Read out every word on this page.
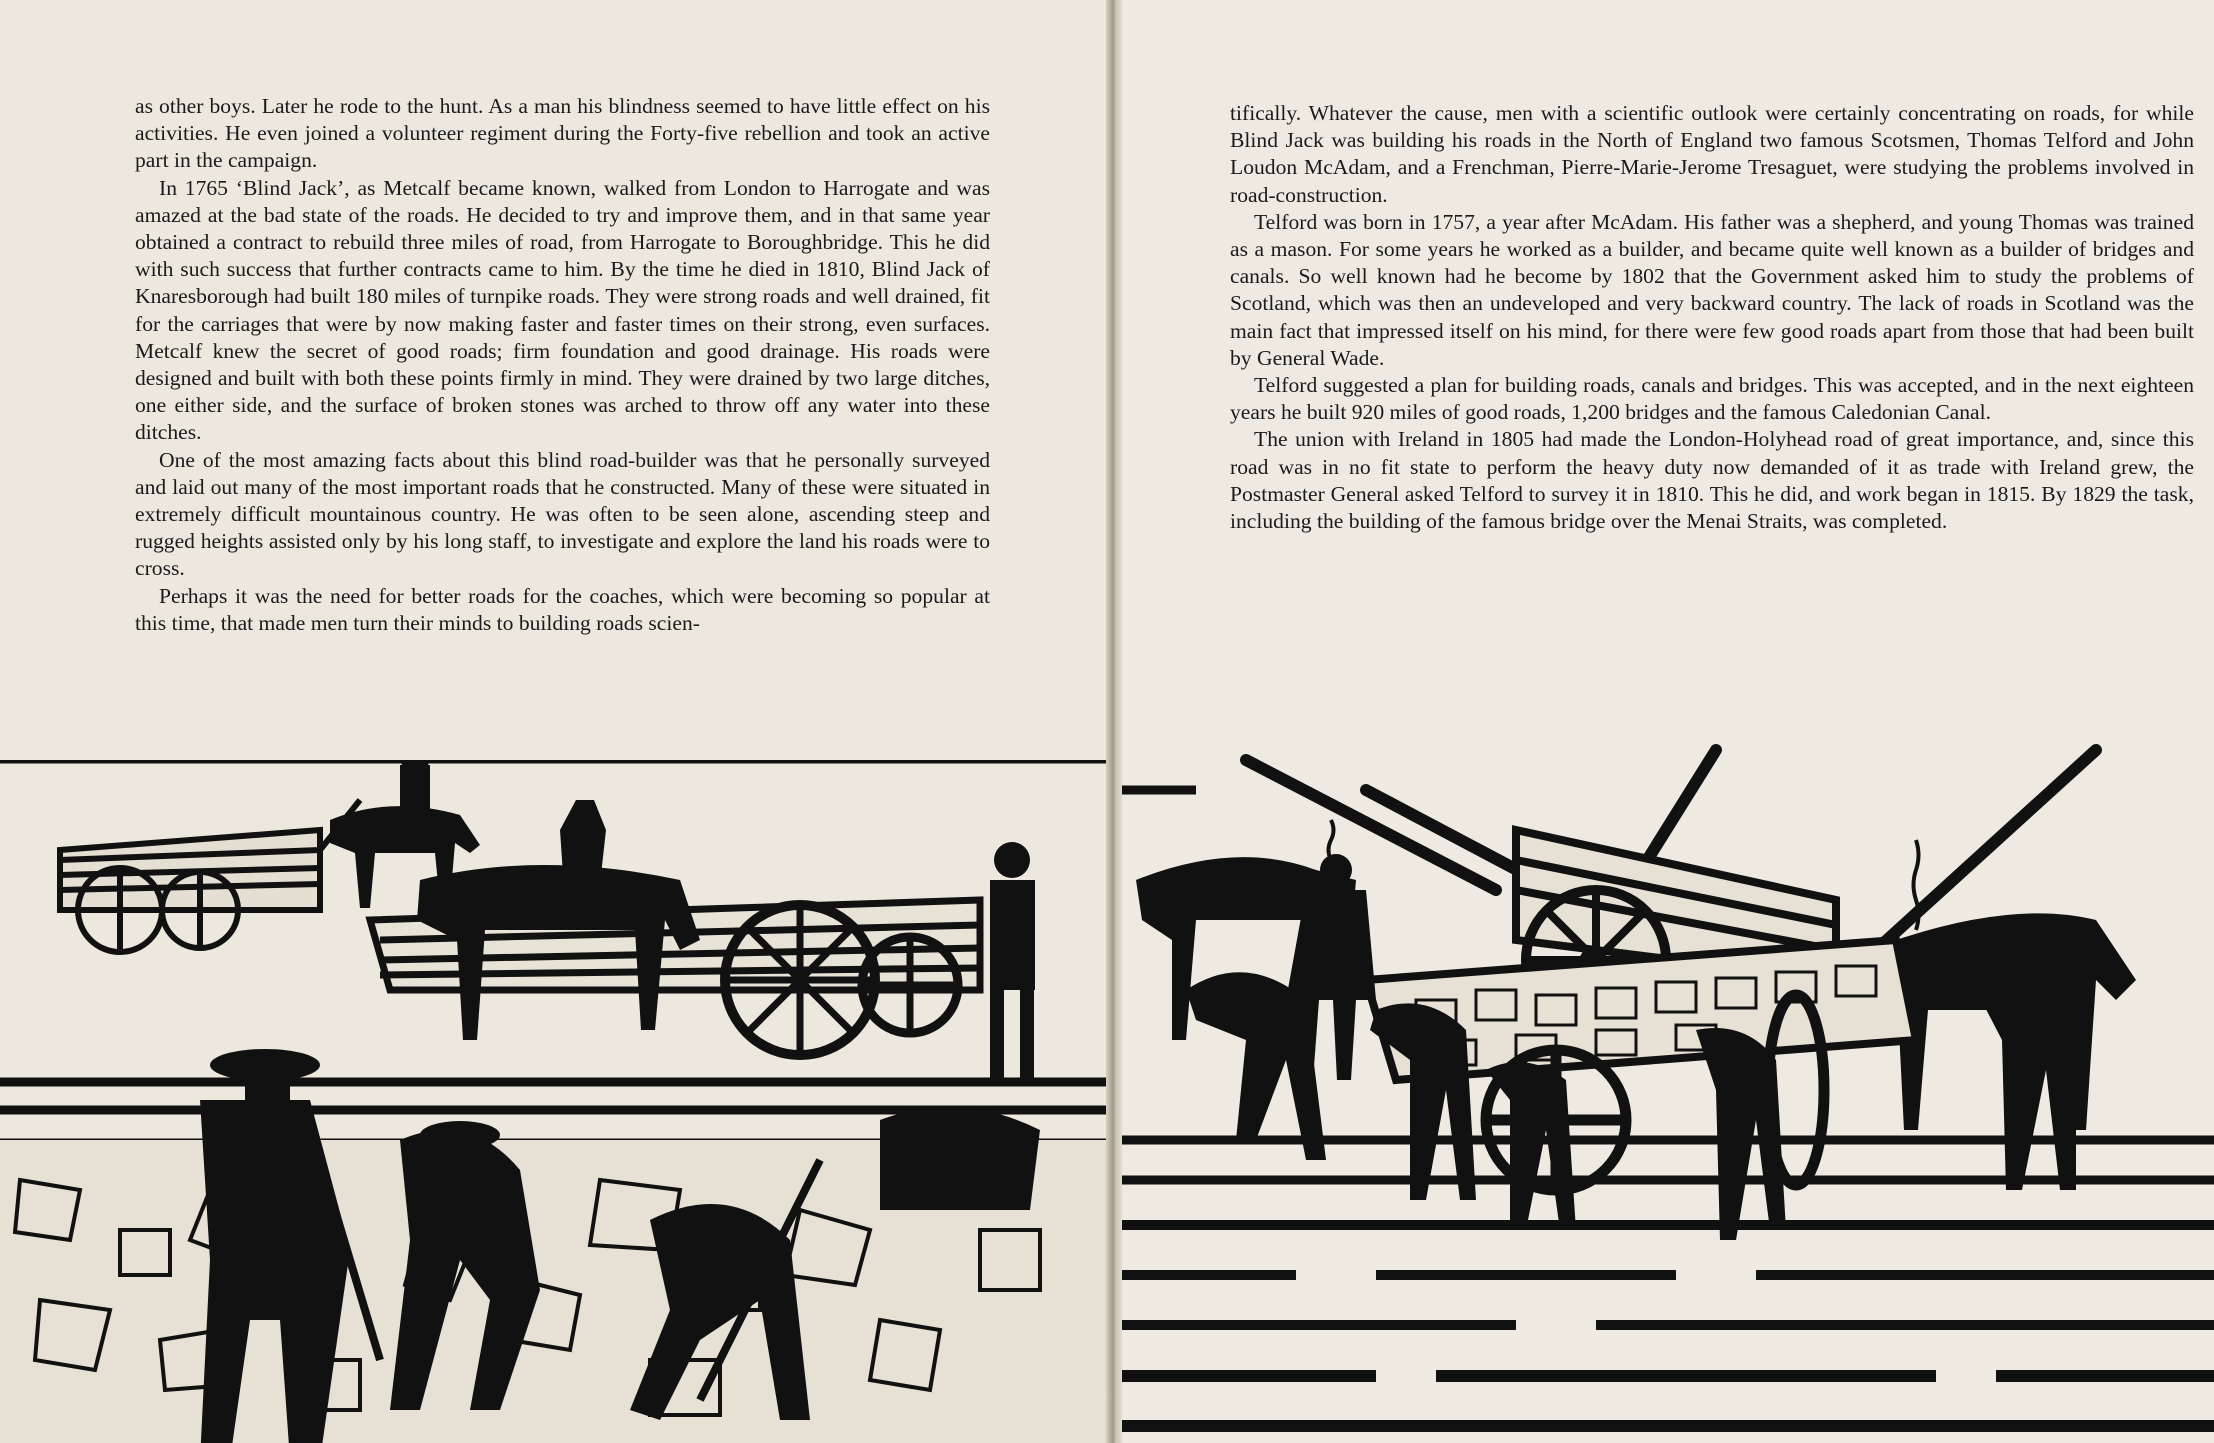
as other boys. Later he rode to the hunt. As a man his blindness seemed to have little effect on his activities. He even joined a volunteer regiment during the Forty-five rebellion and took an active part in the campaign.

In 1765 ‘Blind Jack’, as Metcalf became known, walked from London to Harrogate and was amazed at the bad state of the roads. He decided to try and improve them, and in that same year obtained a contract to rebuild three miles of road, from Harrogate to Boroughbridge. This he did with such success that further contracts came to him. By the time he died in 1810, Blind Jack of Knaresborough had built 180 miles of turnpike roads. They were strong roads and well drained, fit for the carriages that were by now making faster and faster times on their strong, even surfaces. Metcalf knew the secret of good roads; firm foundation and good drainage. His roads were designed and built with both these points firmly in mind. They were drained by two large ditches, one either side, and the surface of broken stones was arched to throw off any water into these ditches.

One of the most amazing facts about this blind road-builder was that he personally surveyed and laid out many of the most important roads that he constructed. Many of these were situated in extremely difficult mountainous country. He was often to be seen alone, ascending steep and rugged heights assisted only by his long staff, to investigate and explore the land his roads were to cross.

Perhaps it was the need for better roads for the coaches, which were becoming so popular at this time, that made men turn their minds to building roads scien-

tifically. Whatever the cause, men with a scientific outlook were certainly concentrating on roads, for while Blind Jack was building his roads in the North of England two famous Scotsmen, Thomas Telford and John Loudon McAdam, and a Frenchman, Pierre-Marie-Jerome Tresaguet, were studying the problems involved in road-construction.

Telford was born in 1757, a year after McAdam. His father was a shepherd, and young Thomas was trained as a mason. For some years he worked as a builder, and became quite well known as a builder of bridges and canals. So well known had he become by 1802 that the Government asked him to study the problems of Scotland, which was then an undeveloped and very backward country. The lack of roads in Scotland was the main fact that impressed itself on his mind, for there were few good roads apart from those that had been built by General Wade.

Telford suggested a plan for building roads, canals and bridges. This was accepted, and in the next eighteen years he built 920 miles of good roads, 1,200 bridges and the famous Caledonian Canal.

The union with Ireland in 1805 had made the London-Holyhead road of great importance, and, since this road was in no fit state to perform the heavy duty now demanded of it as trade with Ireland grew, the Postmaster General asked Telford to survey it in 1810. This he did, and work began in 1815. By 1829 the task, including the building of the famous bridge over the Menai Straits, was completed.
